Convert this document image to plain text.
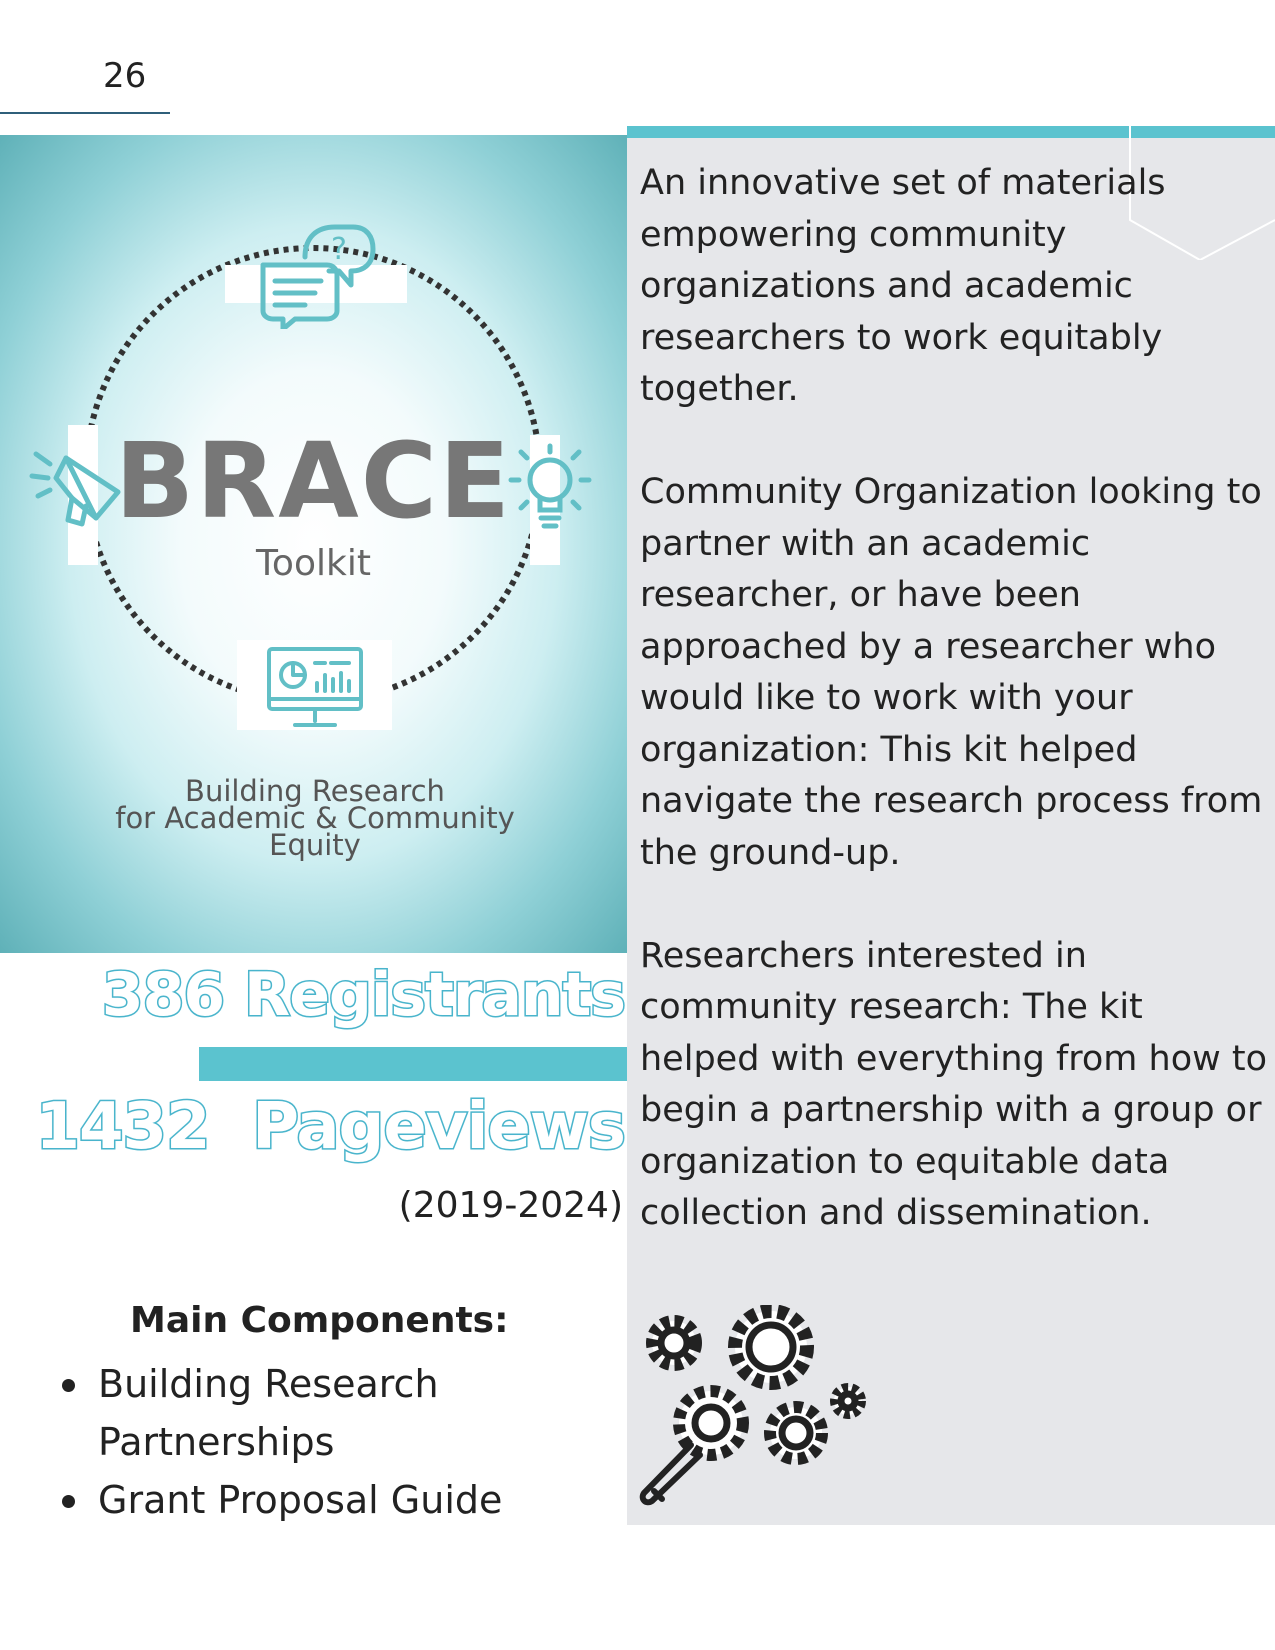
26
?
BRACE
Toolkit
Building Research
for Academic & Community
Equity
386 Registrants
1432  Pageviews
(2019-2024)
Main Components:
Building Research Partnerships
Grant Proposal Guide

An innovative set of materials empowering community organizations and academic researchers to work equitably together.

Community Organization looking to partner with an academic researcher, or have been approached by a researcher who would like to work with your organization: This kit helped navigate the research process from the ground-up.

Researchers interested in community research: The kit helped with everything from how to begin a partnership with a group or organization to equitable data collection and dissemination.
